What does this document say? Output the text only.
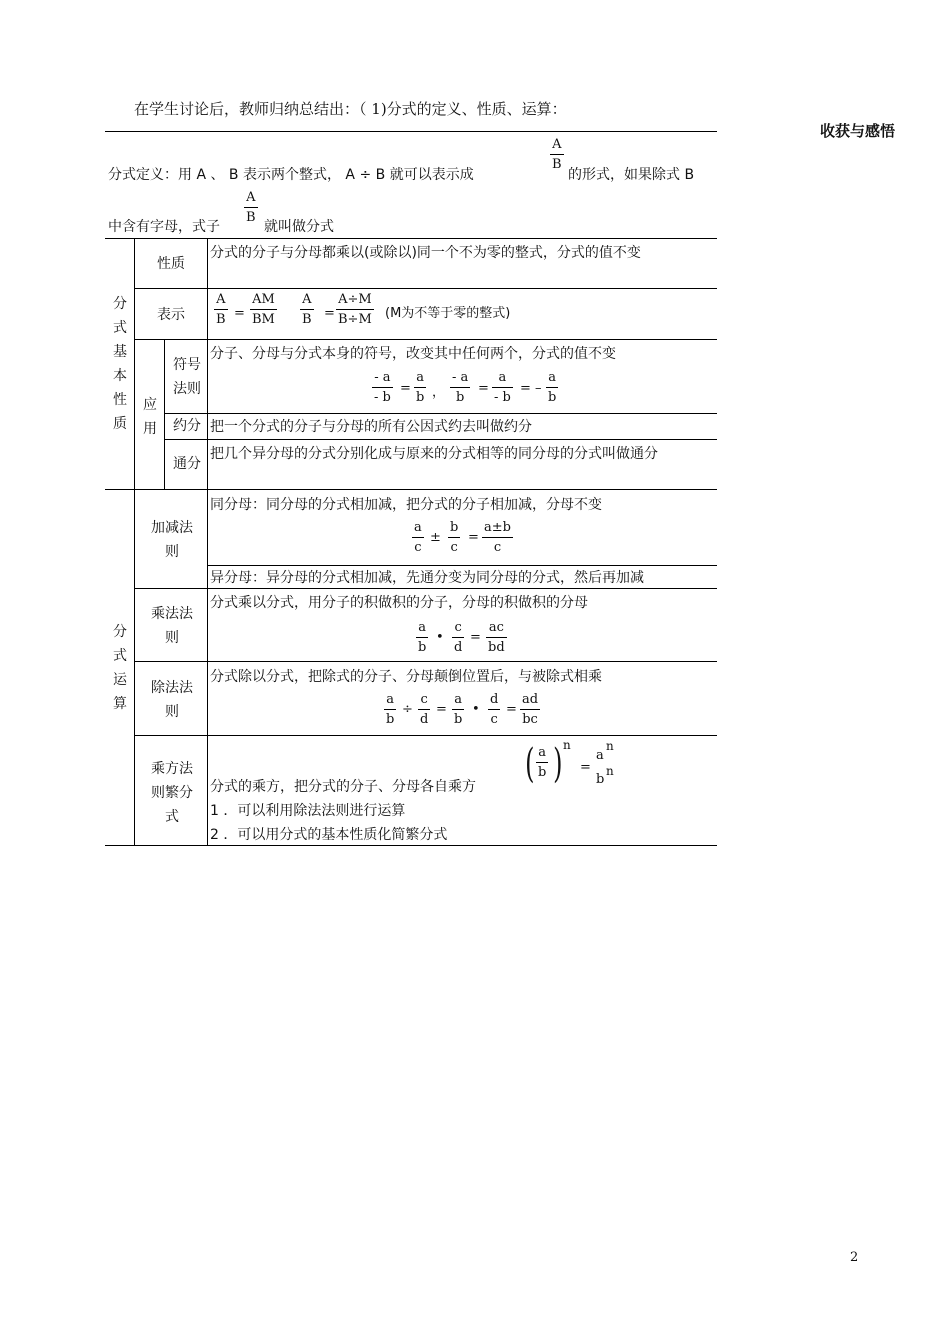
在学生讨论后，教师归纳总结出：（ 1)分式的定义、性质、运算：
收获与感悟
分式定义：用 A 、 B 表示两个整式， A ÷ B 就可以表示成
A
B
的形式，如果除式 B
中含有字母，式子
A
B
就叫做分式
分式基本性质
性质
分式的分子与分母都乘以(或除以)同一个不为零的整式，分式的值不变
表示
A
B =
AM
BM
A
B =
A÷M
B÷M (M为不等于零的整式)
应用
符号法则
分子、分母与分式本身的符号，改变其中任何两个，分式的值不变
- a
- b
=
a
b ，
- a
b
=
a
- b
= –
a
b
约分 把一个分式的分子与分母的所有公因式约去叫做约分
通分
把几个异分母的分式分别化成与原来的分式相等的同分母的分式叫做通分
分式运算
加减法则
同分母：同分母的分式相加减，把分式的分子相加减，分母不变
a
c
±
b
c
=
a±b
c
异分母：异分母的分式相加减，先通分变为同分母的分式，然后再加减
乘法法则
分式乘以分式，用分子的积做积的分子，分母的积做积的分母
a
b
•
c
d
=
ac
bd
除法法则
分式除以分式，把除式的分子、分母颠倒位置后，与被除式相乘
a
b
÷
c
d
=
a
b
•
d
c
=
ad
bc
乘方法则繁分式
分式的乘方，把分式的分子、分母各自乘方 ( a
b ) n
=
a
n
b
n
1 ．可以利用除法法则进行运算
2 ．可以用分式的基本性质化简繁分式
2
